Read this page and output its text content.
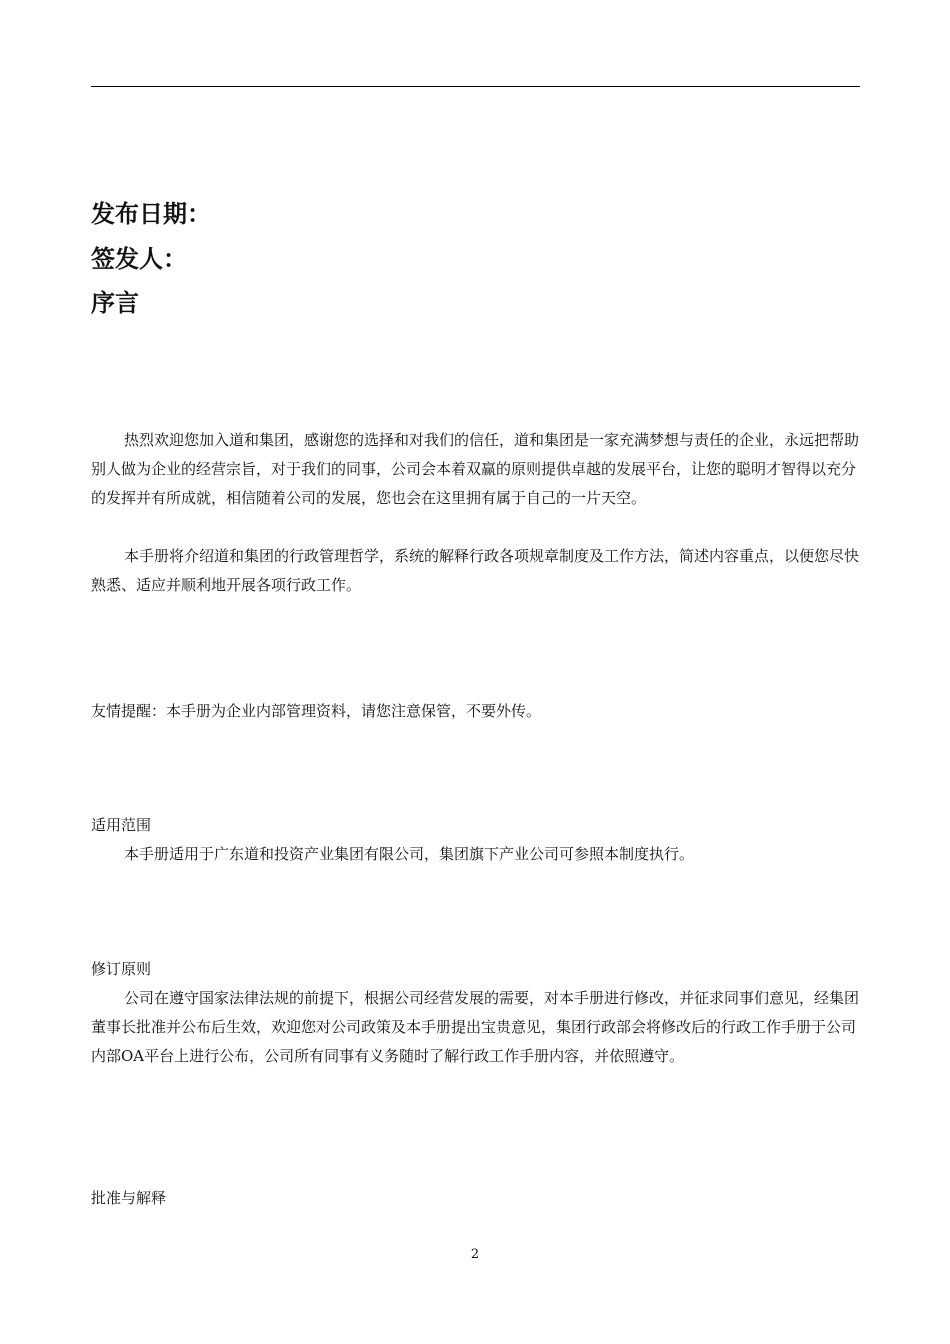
发布日期：
签发人：
序言

热烈欢迎您加入道和集团，感谢您的选择和对我们的信任，道和集团是一家充满梦想与责任的企业，永远把帮助别人做为企业的经营宗旨，对于我们的同事，公司会本着双赢的原则提供卓越的发展平台，让您的聪明才智得以充分的发挥并有所成就，相信随着公司的发展，您也会在这里拥有属于自己的一片天空。

本手册将介绍道和集团的行政管理哲学，系统的解释行政各项规章制度及工作方法，简述内容重点，以便您尽快熟悉、适应并顺利地开展各项行政工作。

友情提醒：本手册为企业内部管理资料，请您注意保管，不要外传。

适用范围

本手册适用于广东道和投资产业集团有限公司，集团旗下产业公司可参照本制度执行。

修订原则

公司在遵守国家法律法规的前提下，根据公司经营发展的需要，对本手册进行修改，并征求同事们意见，经集团董事长批准并公布后生效，欢迎您对公司政策及本手册提出宝贵意见，集团行政部会将修改后的行政工作手册于公司内部OA平台上进行公布，公司所有同事有义务随时了解行政工作手册内容，并依照遵守。

批准与解释

2
